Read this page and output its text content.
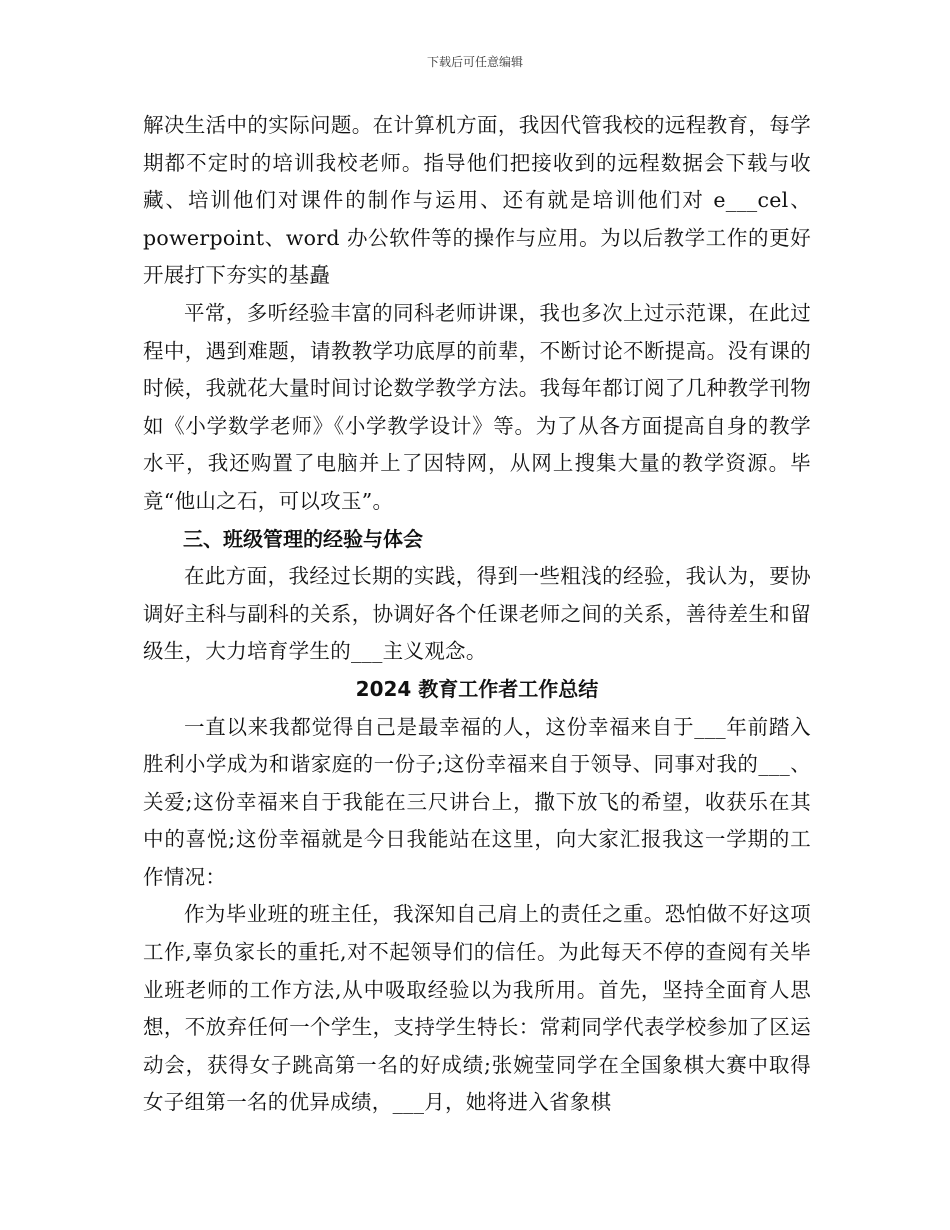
下载后可任意编辑

解决生活中的实际问题。在计算机方面，我因代管我校的远程教育，每学期都不定时的培训我校老师。指导他们把接收到的远程数据会下载与收藏、培训他们对课件的制作与运用、还有就是培训他们对 e___cel、powerpoint、word 办公软件等的操作与应用。为以后教学工作的更好开展打下夯实的基矗

平常，多听经验丰富的同科老师讲课，我也多次上过示范课，在此过程中，遇到难题，请教教学功底厚的前辈，不断讨论不断提高。没有课的时候，我就花大量时间讨论数学教学方法。我每年都订阅了几种教学刊物如《小学数学老师》《小学教学设计》等。为了从各方面提高自身的教学水平，我还购置了电脑并上了因特网，从网上搜集大量的教学资源。毕竟“他山之石，可以攻玉”。

三、班级管理的经验与体会

在此方面，我经过长期的实践，得到一些粗浅的经验，我认为，要协调好主科与副科的关系，协调好各个任课老师之间的关系，善待差生和留级生，大力培育学生的___主义观念。

2024 教育工作者工作总结

一直以来我都觉得自己是最幸福的人，这份幸福来自于___年前踏入胜利小学成为和谐家庭的一份子;这份幸福来自于领导、同事对我的___、关爱;这份幸福来自于我能在三尺讲台上，撒下放飞的希望，收获乐在其中的喜悦;这份幸福就是今日我能站在这里，向大家汇报我这一学期的工作情况：

作为毕业班的班主任，我深知自己肩上的责任之重。恐怕做不好这项工作,辜负家长的重托,对不起领导们的信任。为此每天不停的查阅有关毕业班老师的工作方法,从中吸取经验以为我所用。首先，坚持全面育人思想，不放弃任何一个学生，支持学生特长：常莉同学代表学校参加了区运动会，获得女子跳高第一名的好成绩;张婉莹同学在全国象棋大赛中取得女子组第一名的优异成绩，___月，她将进入省象棋
